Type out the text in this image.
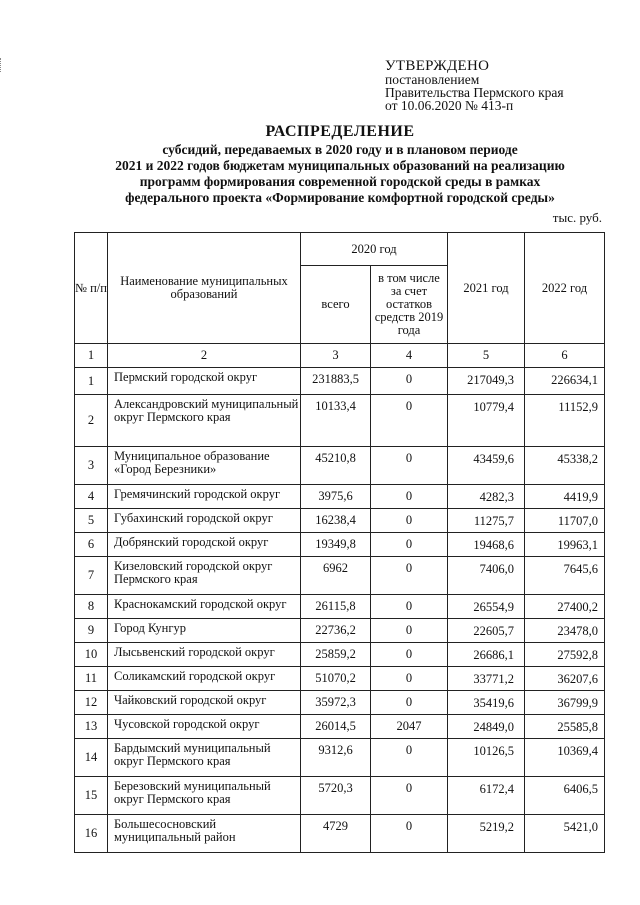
УТВЕРЖДЕНО
постановлением
Правительства Пермского края
от 10.06.2020 № 413-п
РАСПРЕДЕЛЕНИЕ
субсидий, передаваемых в 2020 году и в плановом периоде
2021 и 2022 годов бюджетам муниципальных образований на реализацию
программ формирования современной городской среды в рамках
федерального проекта «Формирование комфортной городской среды»
тыс. руб.
№ п/п	Наименование муниципальных образований	2020 год		2021 год	2022 год
		всего	в том числе за счет остатков средств 2019 года		
1	2	3	4	5	6
1	Пермский городской округ	231883,5	0	217049,3	226634,1
2	Александровский муниципальный округ Пермского края	10133,4	0	10779,4	11152,9
3	Муниципальное образование «Город Березники»	45210,8	0	43459,6	45338,2
4	Гремячинский городской округ	3975,6	0	4282,3	4419,9
5	Губахинский городской округ	16238,4	0	11275,7	11707,0
6	Добрянский городской округ	19349,8	0	19468,6	19963,1
7	Кизеловский городской округ Пермского края	6962	0	7406,0	7645,6
8	Краснокамский городской округ	26115,8	0	26554,9	27400,2
9	Город Кунгур	22736,2	0	22605,7	23478,0
10	Лысьвенский городской округ	25859,2	0	26686,1	27592,8
11	Соликамский городской округ	51070,2	0	33771,2	36207,6
12	Чайковский городской округ	35972,3	0	35419,6	36799,9
13	Чусовской городской округ	26014,5	2047	24849,0	25585,8
14	Бардымский муниципальный округ Пермского края	9312,6	0	10126,5	10369,4
15	Березовский муниципальный округ Пермского края	5720,3	0	6172,4	6406,5
16	Большесосновский муниципальный район	4729	0	5219,2	5421,0
